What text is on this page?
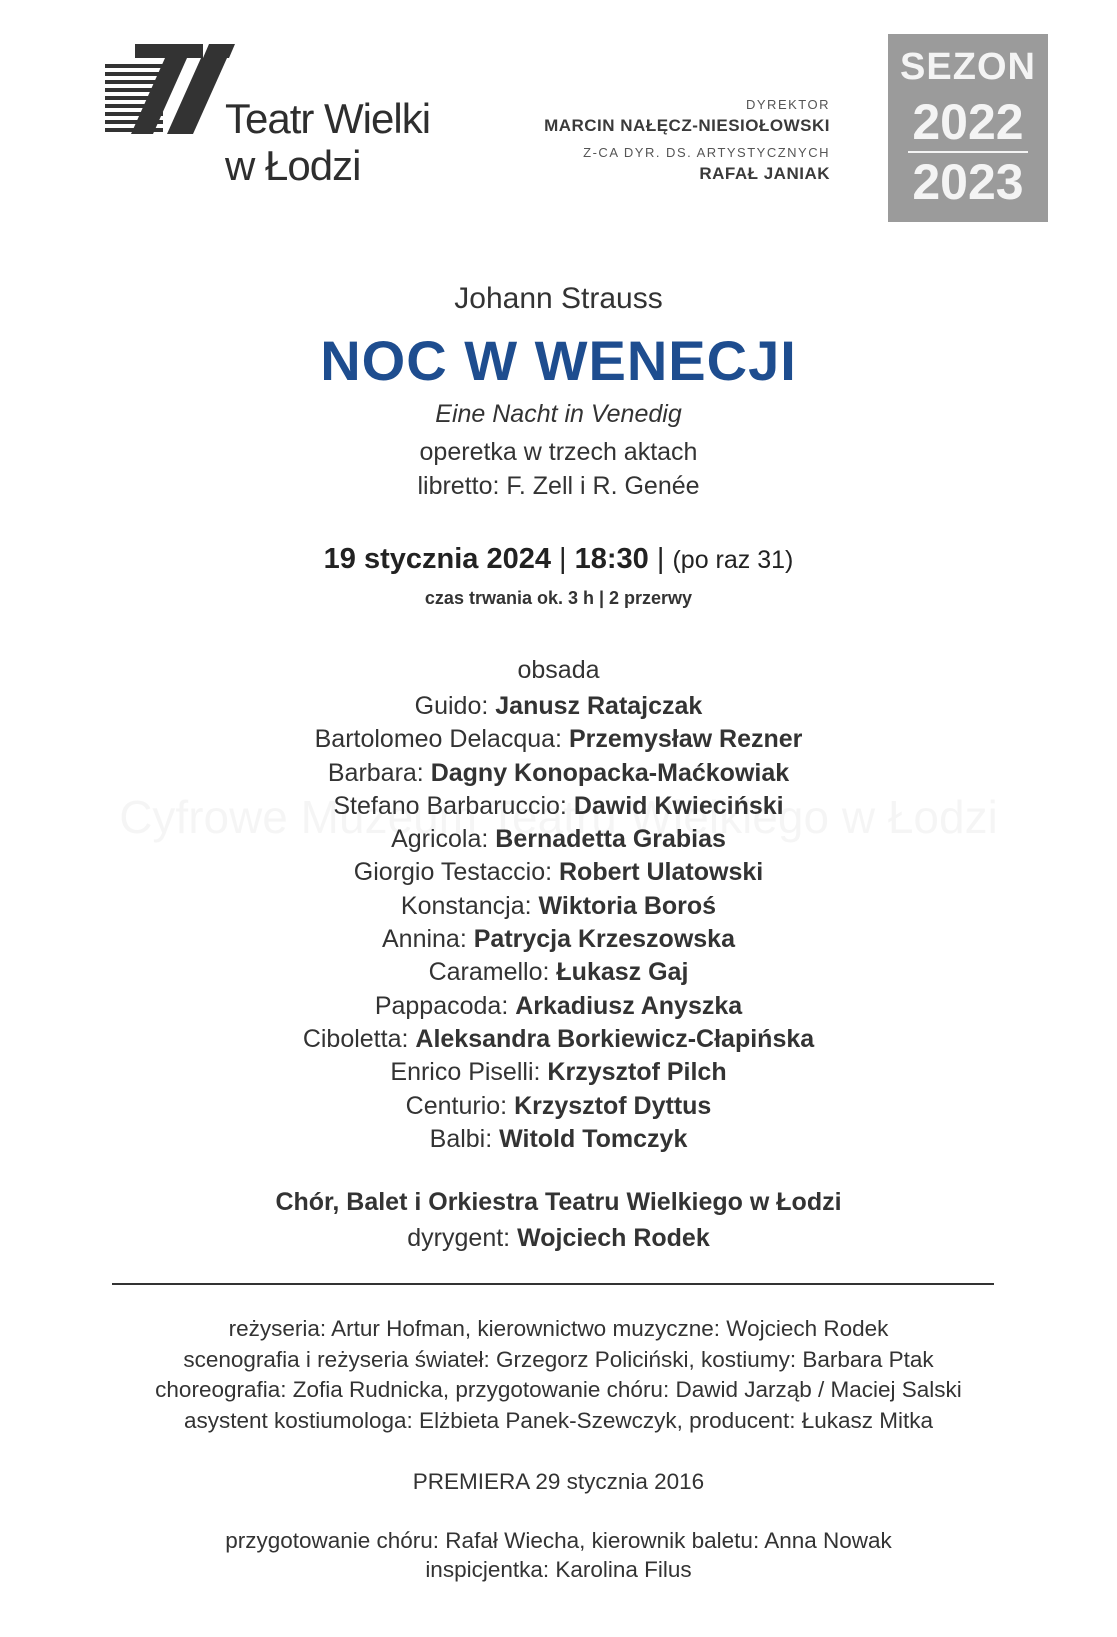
Teatr Wielki
w Łodzi
DYREKTOR
MARCIN NAŁĘCZ-NIESIOŁOWSKI
Z-CA DYR. DS. ARTYSTYCZNYCH
RAFAŁ JANIAK
SEZON
2022
2023
Johann Strauss
NOC W WENECJI
Eine Nacht in Venedig
operetka w trzech aktach
libretto: F. Zell i R. Genée
19 stycznia 2024 | 18:30 | (po raz 31)
czas trwania ok. 3 h | 2 przerwy
obsada
Guido: Janusz Ratajczak
Bartolomeo Delacqua: Przemysław Rezner
Barbara: Dagny Konopacka-Maćkowiak
Stefano Barbaruccio: Dawid Kwieciński
Agricola: Bernadetta Grabias
Giorgio Testaccio: Robert Ulatowski
Konstancja: Wiktoria Boroś
Annina: Patrycja Krzeszowska
Caramello: Łukasz Gaj
Pappacoda: Arkadiusz Anyszka
Ciboletta: Aleksandra Borkiewicz-Cłapińska
Enrico Piselli: Krzysztof Pilch
Centurio: Krzysztof Dyttus
Balbi: Witold Tomczyk
Chór, Balet i Orkiestra Teatru Wielkiego w Łodzi
dyrygent: Wojciech Rodek
reżyseria: Artur Hofman, kierownictwo muzyczne: Wojciech Rodek
scenografia i reżyseria świateł: Grzegorz Policiński, kostiumy: Barbara Ptak
choreografia: Zofia Rudnicka, przygotowanie chóru: Dawid Jarząb / Maciej Salski
asystent kostiumologa: Elżbieta Panek-Szewczyk, producent: Łukasz Mitka
PREMIERA 29 stycznia 2016
przygotowanie chóru: Rafał Wiecha, kierownik baletu: Anna Nowak
inspicjentka: Karolina Filus
